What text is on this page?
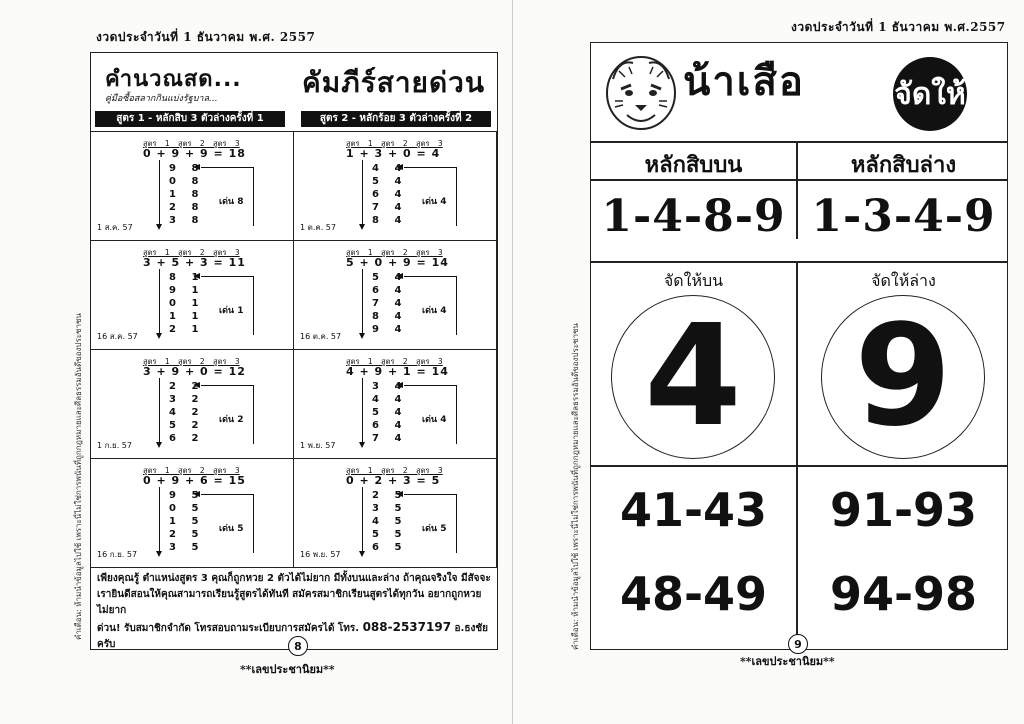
งวดประจำวันที่ 1 ธันวาคม พ.ศ. 2557
คำเตือน: ห้ามนำข้อมูลไปใช้ เพราะนี่ไม่ใช่การพนันที่ถูกกฎหมายและศีลธรรมอันดีของประชาชน
คำนวณสด...
คู่มือซื้อสลากกินแบ่งรัฐบาล...	คัมภีร์สายด่วน
สูตร 1 - หลักสิบ 3 ตัวล่างครั้งที่ 1	สูตร 2 - หลักร้อย 3 ตัวล่างครั้งที่ 2
สูตร 1 สูตร 2 สูตร 3
0 + 9 + 9 = 18
9 8
0 8
1 8
2 8
3 8
เด่น 8
1 ส.ค. 57
สูตร 1 สูตร 2 สูตร 3
1 + 3 + 0 = 4
4 4
5 4
6 4
7 4
8 4
เด่น 4
1 ต.ค. 57
สูตร 1 สูตร 2 สูตร 3
3 + 5 + 3 = 11
8 1
9 1
0 1
1 1
2 1
เด่น 1
16 ส.ค. 57
สูตร 1 สูตร 2 สูตร 3
5 + 0 + 9 = 14
5 4
6 4
7 4
8 4
9 4
เด่น 4
16 ต.ค. 57
สูตร 1 สูตร 2 สูตร 3
3 + 9 + 0 = 12
2 2
3 2
4 2
5 2
6 2
เด่น 2
1 ก.ย. 57
สูตร 1 สูตร 2 สูตร 3
4 + 9 + 1 = 14
3 4
4 4
5 4
6 4
7 4
เด่น 4
1 พ.ย. 57
สูตร 1 สูตร 2 สูตร 3
0 + 9 + 6 = 15
9 5
0 5
1 5
2 5
3 5
เด่น 5
16 ก.ย. 57
สูตร 1 สูตร 2 สูตร 3
0 + 2 + 3 = 5
2 5
3 5
4 5
5 5
6 5
เด่น 5
16 พ.ย. 57
เพียงคุณรู้ ตำแหน่งสูตร 3 คุณก็ถูกหวย 2 ตัวได้ไม่ยาก มีทั้งบนและล่าง ถ้าคุณจริงใจ มีสัจจะ
เรายินดีสอนให้คุณสามารถเรียนรู้สูตรได้ทันที สมัครสมาชิกเรียนสูตรได้ทุกวัน อยากถูกหวย ไม่ยาก
ด่วน! รับสมาชิกจำกัด โทรสอบถามระเบียบการสมัครได้ โทร. 088-2537197 อ.ธงชัยครับ	8
**เลขประชานิยม**
งวดประจำวันที่ 1 ธันวาคม พ.ศ.2557
คำเตือน: ห้ามนำข้อมูลไปใช้ เพราะนี่ไม่ใช่การพนันที่ถูกกฎหมายและศีลธรรมอันดีของประชาชน
น้าเสือ	จัดให้
หลักสิบบน	หลักสิบล่าง
1-4-8-9 1-3-4-9
จัดให้บน	จัดให้ล่าง
4 9
41-43	91-93
48-49	94-98
9
**เลขประชานิยม**
